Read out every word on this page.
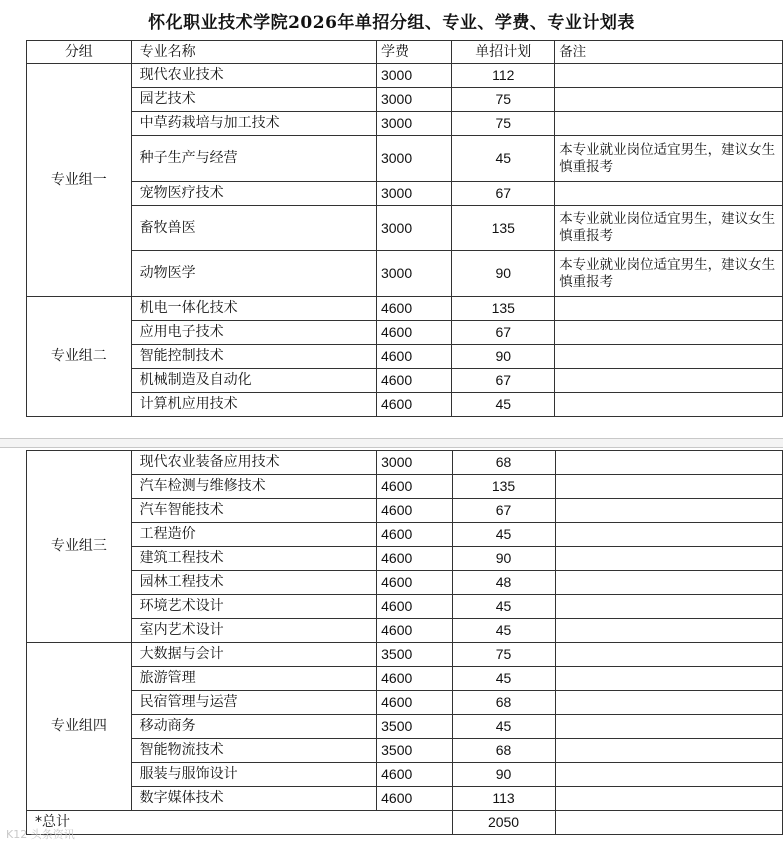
怀化职业技术学院2026年单招分组、专业、学费、专业计划表
分组	专业名称	学费	单招计划	备注
专业组一	现代农业技术	3000	112	
	园艺技术	3000	75	
	中草药栽培与加工技术	3000	75	
	种子生产与经营	3000	45	本专业就业岗位适宜男生，建议女生慎重报考
	宠物医疗技术	3000	67	
	畜牧兽医	3000	135	本专业就业岗位适宜男生，建议女生慎重报考
	动物医学	3000	90	本专业就业岗位适宜男生，建议女生慎重报考
专业组二	机电一体化技术	4600	135	
	应用电子技术	4600	67	
	智能控制技术	4600	90	
	机械制造及自动化	4600	67	
	计算机应用技术	4600	45	
专业组三	现代农业装备应用技术	3000	68	
	汽车检测与维修技术	4600	135	
	汽车智能技术	4600	67	
	工程造价	4600	45	
	建筑工程技术	4600	90	
	园林工程技术	4600	48	
	环境艺术设计	4600	45	
	室内艺术设计	4600	45	
专业组四	大数据与会计	3500	75	
	旅游管理	4600	45	
	民宿管理与运营	4600	68	
	移动商务	3500	45	
	智能物流技术	3500	68	
	服装与服饰设计	4600	90	
	数字媒体技术	4600	113	
*总计			2050	
K12 头条资讯
